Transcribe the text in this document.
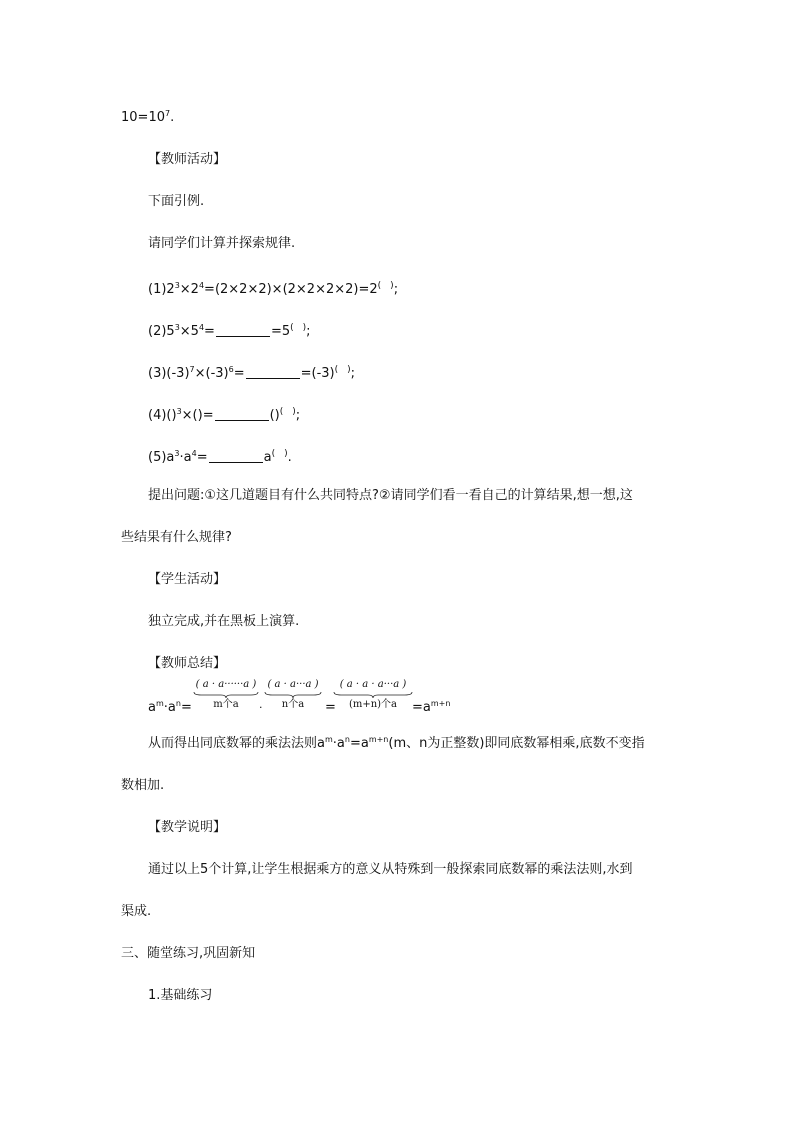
$10=10^7$.
【教师活动】
下面引例.
请同学们计算并探索规律.
$(1)2^3\times 2^4=(2\times 2\times 2)\times(2\times 2\times 2\times 2)=2$(　);
$(2)5^3\times 5^4=$	=5(　);
$(3)(-3)^7\times(-3)^6=$	=(-3)(　);
(4)()$^3$×()=	()(　);
$(5)a^3\cdot a^4=$	a(　).
提出问题:①这几道题目有什么共同特点?②请同学们看一看自己的计算结果,想一想,这
些结果有什么规律?
【学生活动】
独立完成,并在黑板上演算.
【教师总结】
$a^m\cdot a^n=$
( a · a······a )
m个a	·
( a · a···a )
n个a	=
( a · a · a···a )
(m+n)个a	$=a^{m+n}$
从而得出同底数幂的乘法法则$a^m\cdot a^n=a^{m+n}(m$、n为正整数)即同底数幂相乘,底数不变指
数相加.
【教学说明】
通过以上5个计算,让学生根据乘方的意义从特殊到一般探索同底数幂的乘法法则,水到
渠成.
三、随堂练习,巩固新知
1.基础练习
